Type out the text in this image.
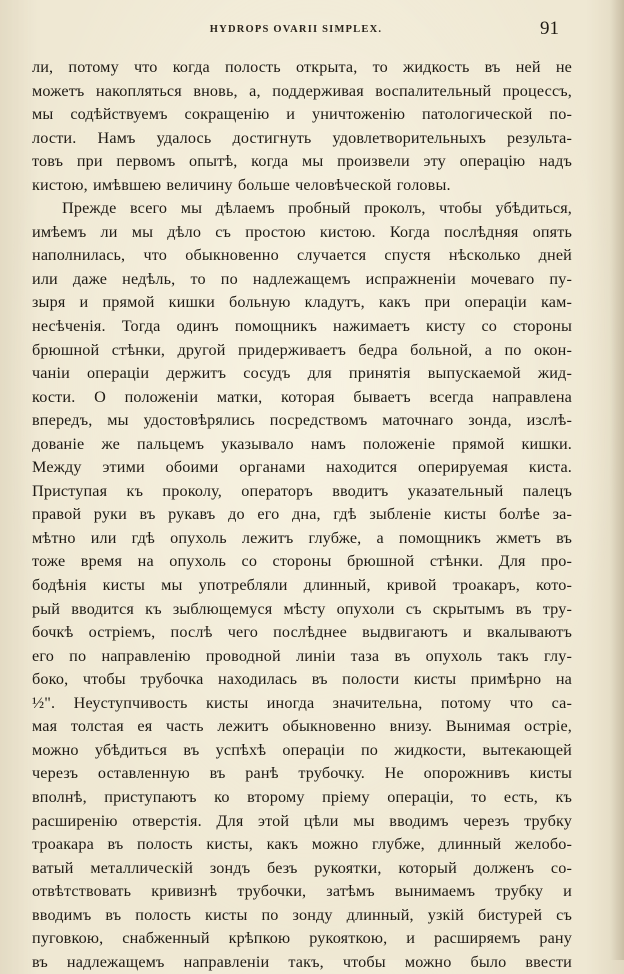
HYDROPS OVARII SIMPLEX.	91
ли, потому что когда полость открыта, то жидкость въ ней не
можетъ накопляться вновь, а, поддерживая воспалительный процессъ,
мы содѣйствуемъ сокращенію и уничтоженію патологической по-
лости. Намъ удалось достигнуть удовлетворительныхъ результа-
товъ при первомъ опытѣ, когда мы произвели эту операцію надъ
кистою, имѣвшею величину больше человѣческой головы.
Прежде всего мы дѣлаемъ пробный проколъ, чтобы убѣдиться,
имѣемъ ли мы дѣло съ простою кистою. Когда послѣдняя опять
наполнилась, что обыкновенно случается спустя нѣсколько дней
или даже недѣль, то по надлежащемъ испражненіи мочеваго пу-
зыря и прямой кишки больную кладутъ, какъ при операціи кам-
несѣченія. Тогда одинъ помощникъ нажимаетъ кисту со стороны
брюшной стѣнки, другой придерживаетъ бедра больной, а по окон-
чаніи операціи держитъ сосудъ для принятія выпускаемой жид-
кости. О положеніи матки, которая бываетъ всегда направлена
впередъ, мы удостовѣрялись посредствомъ маточнаго зонда, изслѣ-
дованіе же пальцемъ указывало намъ положеніе прямой кишки.
Между этими обоими органами находится оперируемая киста.
Приступая къ проколу, операторъ вводитъ указательный палецъ
правой руки въ рукавъ до его дна, гдѣ зыбленіе кисты болѣе за-
мѣтно или гдѣ опухоль лежитъ глубже, а помощникъ жметъ въ
тоже время на опухоль со стороны брюшной стѣнки. Для про-
бодѣнія кисты мы употребляли длинный, кривой троакаръ, кото-
рый вводится къ зыблющемуся мѣсту опухоли съ скрытымъ въ тру-
бочкѣ остріемъ, послѣ чего послѣднее выдвигаютъ и вкалываютъ
его по направленію проводной линіи таза въ опухоль такъ глу-
боко, чтобы трубочка находилась въ полости кисты примѣрно на
½". Неуступчивость кисты иногда значительна, потому что са-
мая толстая ея часть лежитъ обыкновенно внизу. Вынимая остріе,
можно убѣдиться въ успѣхѣ операціи по жидкости, вытекающей
черезъ оставленную въ ранѣ трубочку. Не опорожнивъ кисты
вполнѣ, приступаютъ ко второму пріему операціи, то есть, къ
расширенію отверстія. Для этой цѣли мы вводимъ черезъ трубку
троакара въ полость кисты, какъ можно глубже, длинный желобо-
ватый металлическій зондъ безъ рукоятки, который долженъ со-
отвѣтствовать кривизнѣ трубочки, затѣмъ вынимаемъ трубку и
вводимъ въ полость кисты по зонду длинный, узкій бистурей съ
пуговкою, снабженный крѣпкою рукояткою, и расширяемъ рану
въ надлежащемъ направленіи такъ, чтобы можно было ввести
